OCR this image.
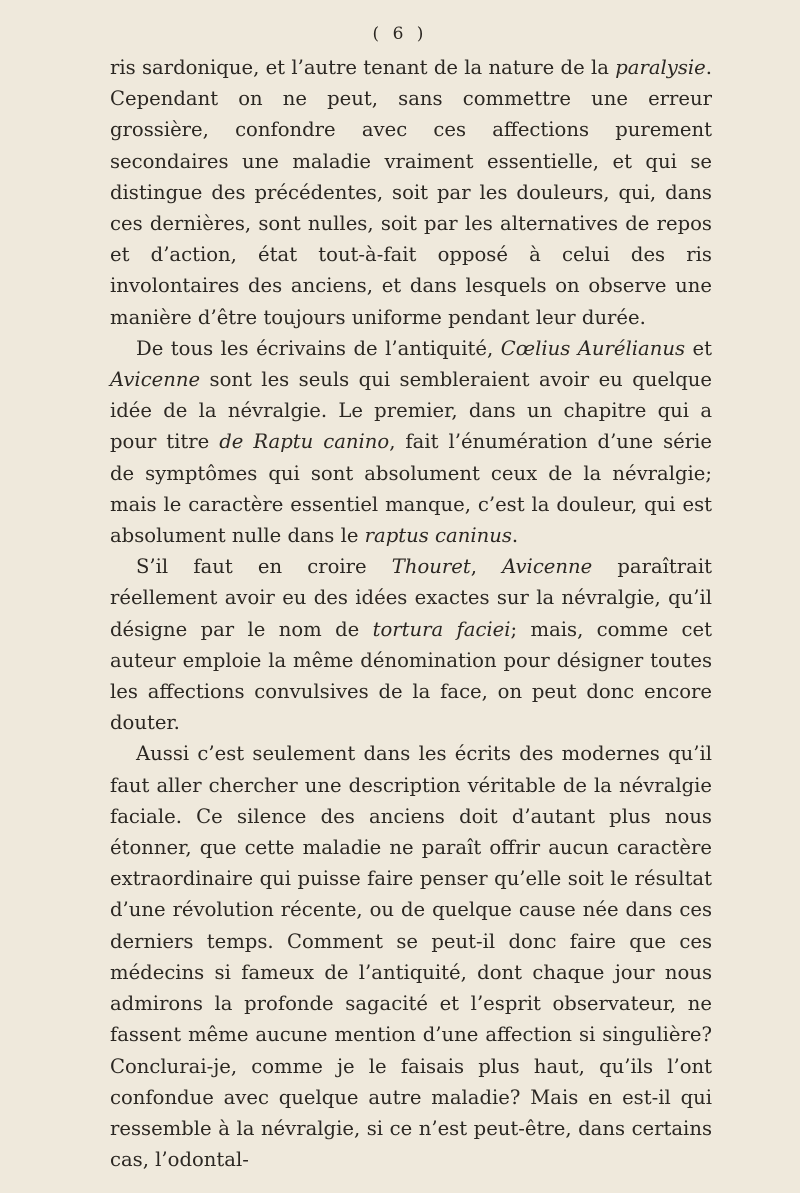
( 6 )

ris sardonique, et l’autre tenant de la nature de la paralysie. Cependant on ne peut, sans commettre une erreur grossière, confondre avec ces affections purement secondaires une maladie vraiment essentielle, et qui se distingue des précédentes, soit par les douleurs, qui, dans ces dernières, sont nulles, soit par les alternatives de repos et d’action, état tout-à-fait opposé à celui des ris involontaires des anciens, et dans lesquels on observe une manière d’être toujours uniforme pendant leur durée.

De tous les écrivains de l’antiquité, Cœlius Aurélianus et Avicenne sont les seuls qui sembleraient avoir eu quelque idée de la névralgie. Le premier, dans un chapitre qui a pour titre de Raptu canino, fait l’énumération d’une série de symptômes qui sont absolument ceux de la névralgie; mais le caractère essentiel manque, c’est la douleur, qui est absolument nulle dans le raptus caninus.

S’il faut en croire Thouret, Avicenne paraîtrait réellement avoir eu des idées exactes sur la névralgie, qu’il désigne par le nom de tortura faciei; mais, comme cet auteur emploie la même dénomination pour désigner toutes les affections convulsives de la face, on peut donc encore douter.

Aussi c’est seulement dans les écrits des modernes qu’il faut aller chercher une description véritable de la névralgie faciale. Ce silence des anciens doit d’autant plus nous étonner, que cette maladie ne paraît offrir aucun caractère extraordinaire qui puisse faire penser qu’elle soit le résultat d’une révolution récente, ou de quelque cause née dans ces derniers temps. Comment se peut-il donc faire que ces médecins si fameux de l’antiquité, dont chaque jour nous admirons la profonde sagacité et l’esprit observateur, ne fassent même aucune mention d’une affection si singulière? Conclurai-je, comme je le faisais plus haut, qu’ils l’ont confondue avec quelque autre maladie? Mais en est-il qui ressemble à la névralgie, si ce n’est peut-être, dans certains cas, l’odontal-
